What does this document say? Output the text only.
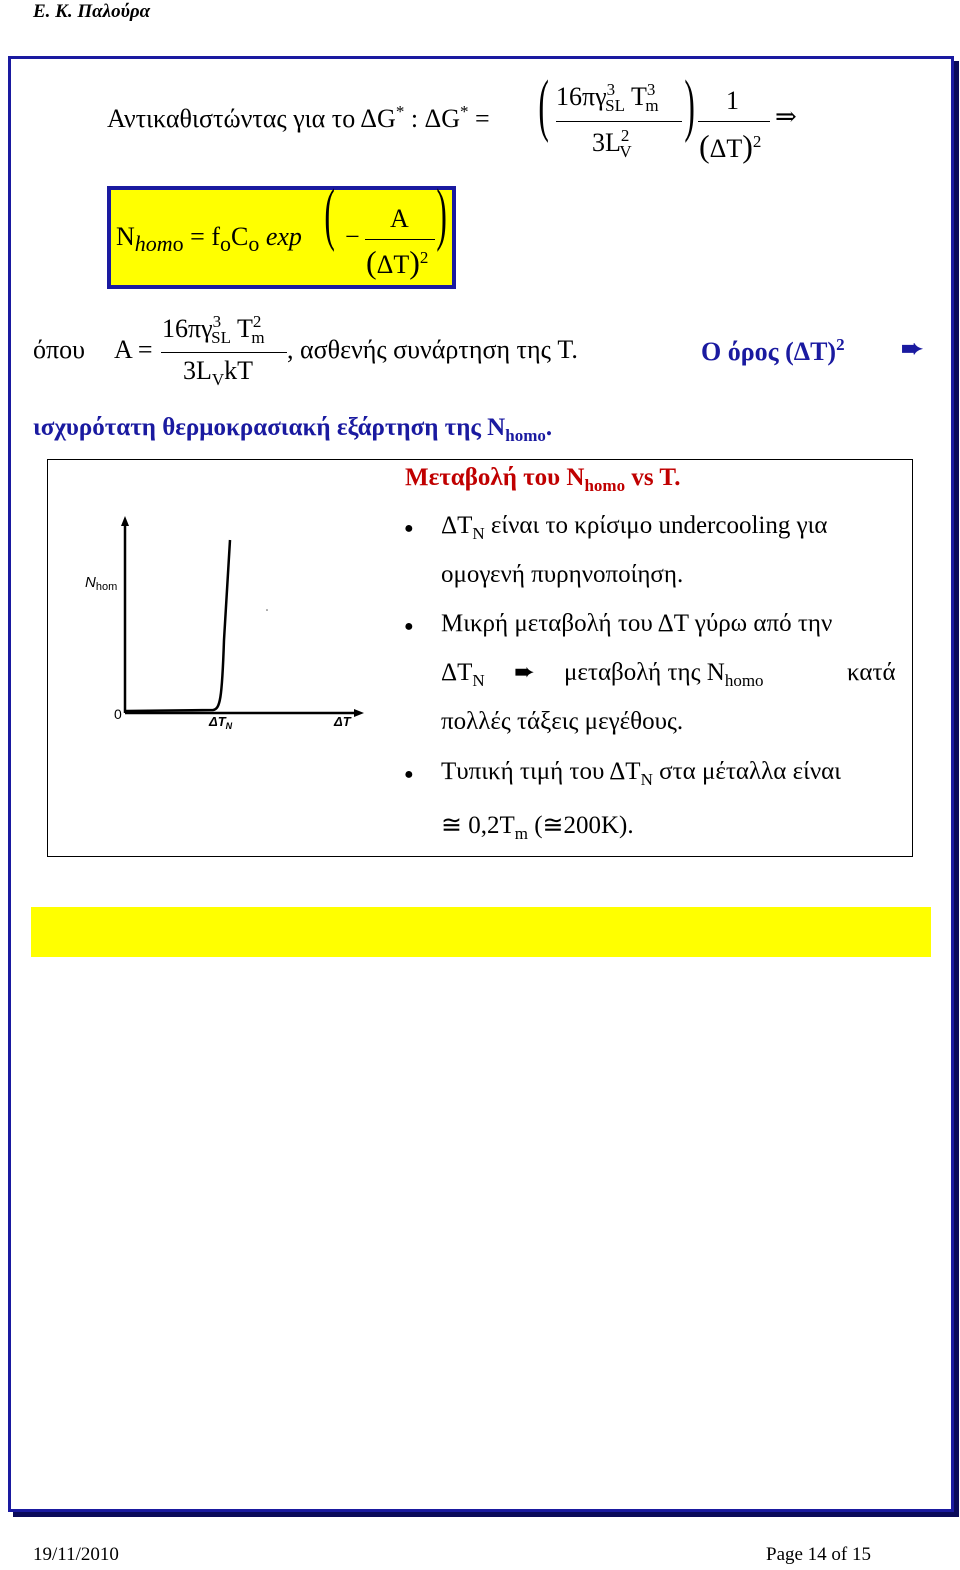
Ε. Κ. Παλούρα
Αντικαθιστώντας για το ΔG* : ΔG* = ( $16\pi\gamma^3_{SL}$ $T^3_m$
$3L^2_V$
) 1
$(\Delta T)^2$
⇒
$N_{homo} = f_oC_o$ exp ( −
A
$(\Delta T)^2$
)
όπου A =
$16\pi\gamma^3_{SL}$ $T^2_m$
$3L_VkT$
, ασθενής συνάρτηση της T.	Ο όρος $(\Delta T)^2$ ➨
ισχυρότατη θερμοκρασιακή εξάρτηση της $N_{homo}$.
$N_{hom}$
0	$\Delta T_N$	ΔT
Μεταβολή του $N_{homo}$ vs T.
● $\Delta T_N$ είναι το κρίσιμο undercooling για
ομογενή πυρηνοποίηση.
● Μικρή μεταβολή του ΔT γύρω από την
$\Delta T_N$ ➨ μεταβολή της $N_{homo}$	κατά
πολλές τάξεις μεγέθους.
● Τυπική τιμή του $\Delta T_N$ στα μέταλλα είναι
≅ $0,2T_m$ (≅200K).
19/11/2010	Page 14 of 15
